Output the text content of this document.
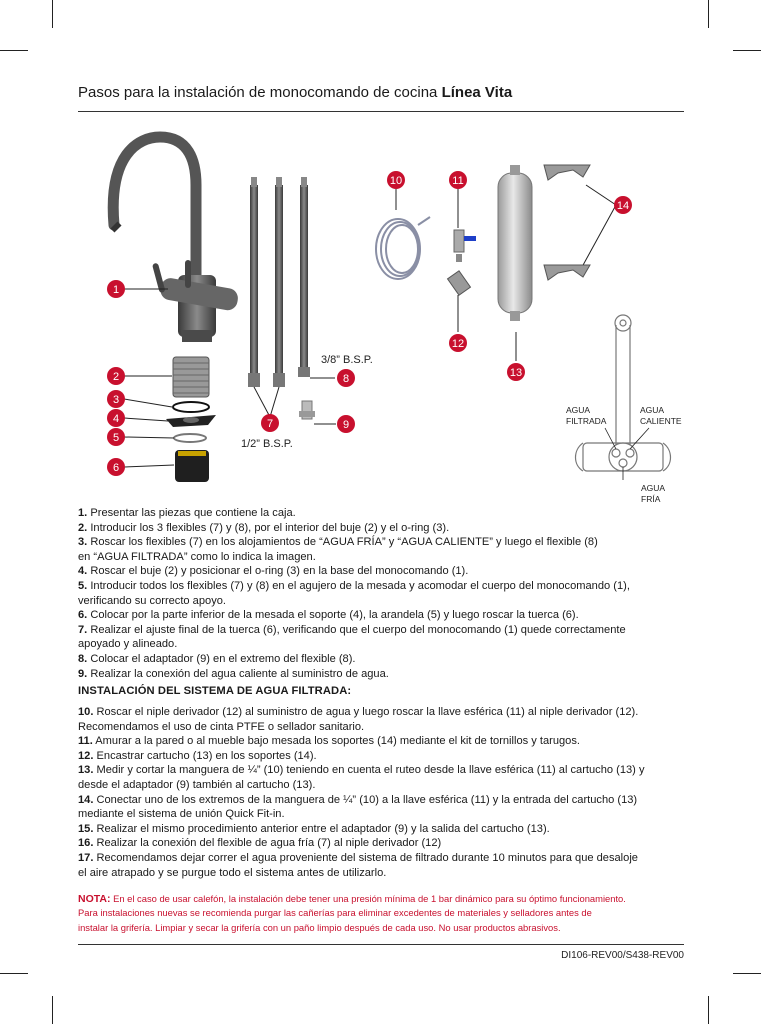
Pasos para la instalación de monocomando de cocina Línea Vita
3/8” B.S.P.
1/2” B.S.P.
AGUA
FILTRADA
AGUA
CALIENTE
AGUA
FRÍA
1
2
3
4
5
6
7
8
9
10	11
12
13
14

1. Presentar las piezas que contiene la caja.

2. Introducir los 3 flexibles (7) y (8), por el interior del buje (2) y el o-ring (3).

3. Roscar los flexibles (7) en los alojamientos de “AGUA FRÍA” y “AGUA CALIENTE” y luego el flexible (8)
en “AGUA FILTRADA” como lo indica la imagen.

4. Roscar el buje (2) y posicionar el o-ring (3) en la base del monocomando (1).

5. Introducir todos los flexibles (7) y (8) en el agujero de la mesada y acomodar el cuerpo del monocomando (1),
verificando su correcto apoyo.

6. Colocar por la parte inferior de la mesada el soporte (4), la arandela (5) y luego roscar la tuerca (6).

7. Realizar el ajuste final de la tuerca (6), verificando que el cuerpo del monocomando (1) quede correctamente
apoyado y alineado.

8. Colocar el adaptador (9) en el extremo del flexible (8).

9. Realizar la conexión del agua caliente al suministro de agua.

INSTALACIÓN DEL SISTEMA DE AGUA FILTRADA:

10. Roscar el niple derivador (12) al suministro de agua y luego roscar la llave esférica (11) al niple derivador (12).
Recomendamos el uso de cinta PTFE o sellador sanitario.

11. Amurar a la pared o al mueble bajo mesada los soportes (14) mediante el kit de tornillos y tarugos.

12. Encastrar cartucho (13) en los soportes (14).

13. Medir y cortar la manguera de ¼” (10) teniendo en cuenta el ruteo desde la llave esférica (11) al cartucho (13) y
desde el adaptador (9) también al cartucho (13).

14. Conectar uno de los extremos de la manguera de ¼” (10) a la llave esférica (11) y la entrada del cartucho (13)
mediante el sistema de unión Quick Fit-in.

15. Realizar el mismo procedimiento anterior entre el adaptador (9) y la salida del cartucho (13).

16. Realizar la conexión del flexible de agua fría (7) al niple derivador (12)

17. Recomendamos dejar correr el agua proveniente del sistema de filtrado durante 10 minutos para que desaloje
el aire atrapado y se purgue todo el sistema antes de utilizarlo.

NOTA: En el caso de usar calefón, la instalación debe tener una presión mínima de 1 bar dinámico para su óptimo funcionamiento.
Para instalaciones nuevas se recomienda purgar las cañerías para eliminar excedentes de materiales y selladores antes de
instalar la grifería. Limpiar y secar la grifería con un paño limpio después de cada uso. No usar productos abrasivos.
DI106-REV00/S438-REV00
